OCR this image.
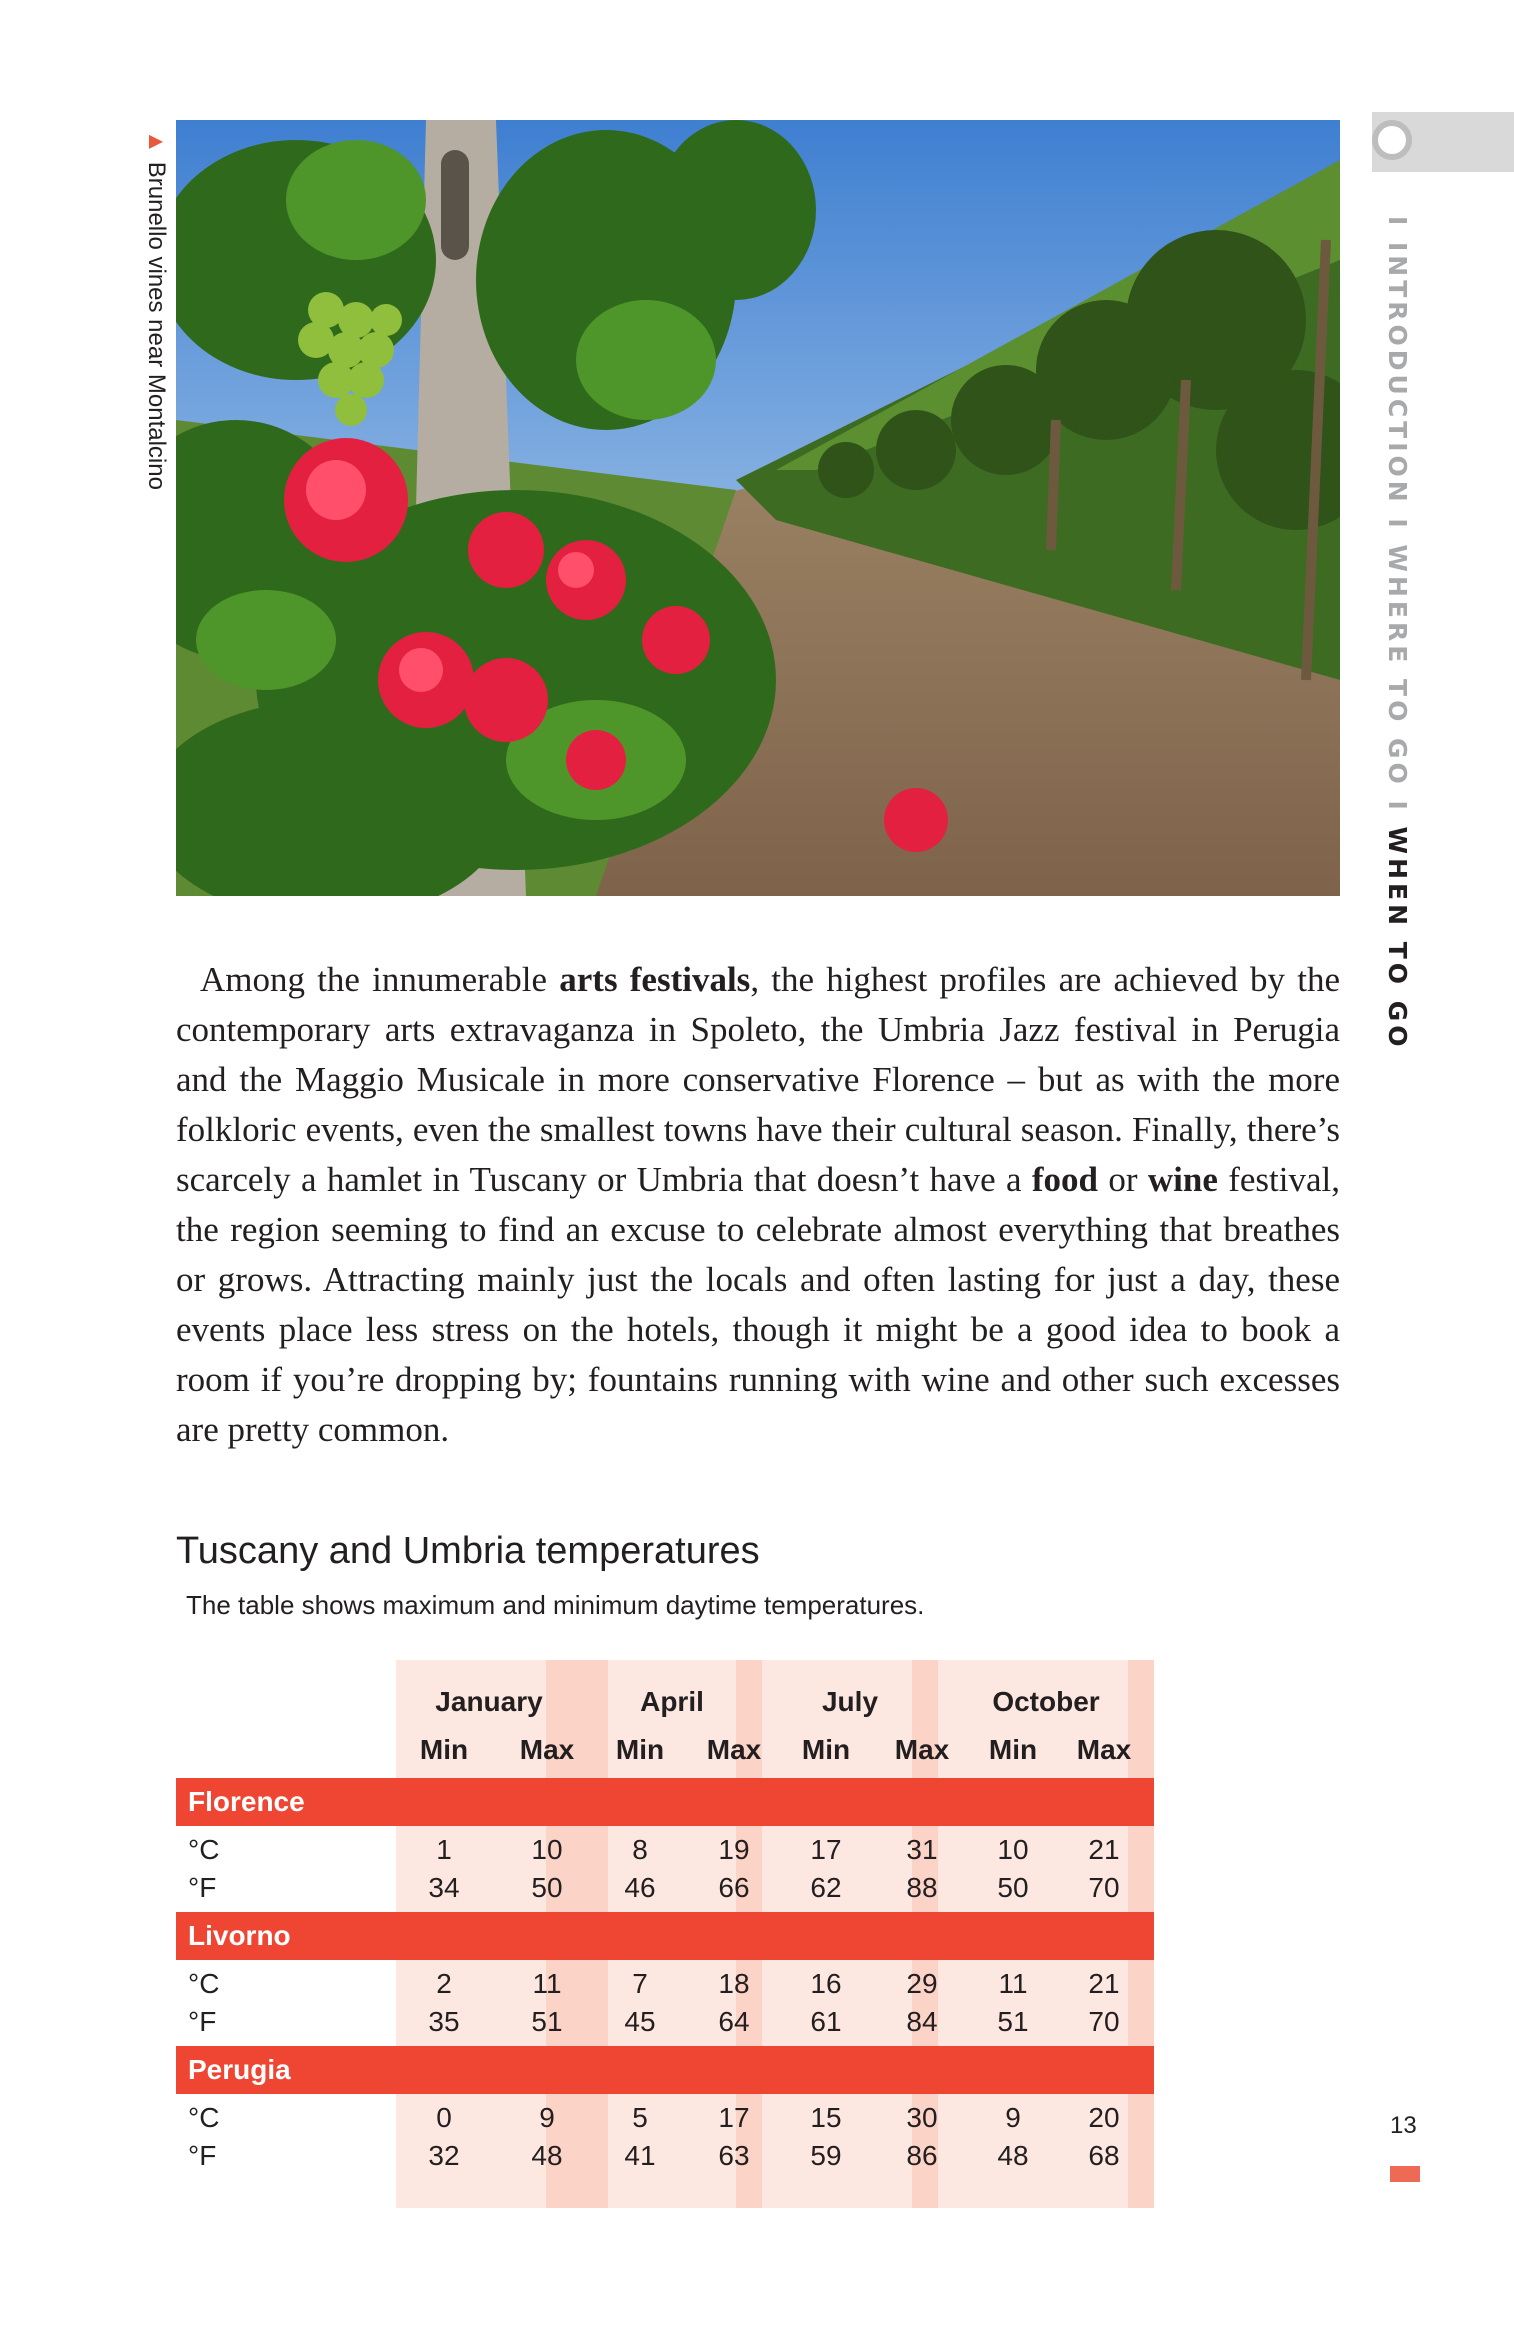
▲Brunello vines near Montalcino	I INTRODUCTION I WHERE TO GO I WHEN TO GO

Among the innumerable arts festivals, the highest profiles are achieved by the contemporary arts extravaganza in Spoleto, the Umbria Jazz festival in Perugia and the Maggio Musicale in more conservative Florence – but as with the more folkloric events, even the smallest towns have their cultural season. Finally, there’s scarcely a hamlet in Tuscany or Umbria that doesn’t have a food or wine festival, the region seeming to find an excuse to celebrate almost everything that breathes or grows. Attracting mainly just the locals and often lasting for just a day, these events place less stress on the hotels, though it might be a good idea to book a room if you’re dropping by; fountains running with wine and other such excesses are pretty common.

Tuscany and Umbria temperatures
The table shows maximum and minimum daytime temperatures.
January	April	July	October
Min	Max	Min	Max	Min	Max	Min	Max
Florence
°C	1	10	8	19	17	31	10	21
°F	34	50	46	66	62	88	50	70
Livorno
°C	2	11	7	18	16	29	11	21
°F	35	51	45	64	61	84	51	70
Perugia
°C	0	9	5	17	15	30	9	20
°F	32	48	41	63	59	86	48	68
13
